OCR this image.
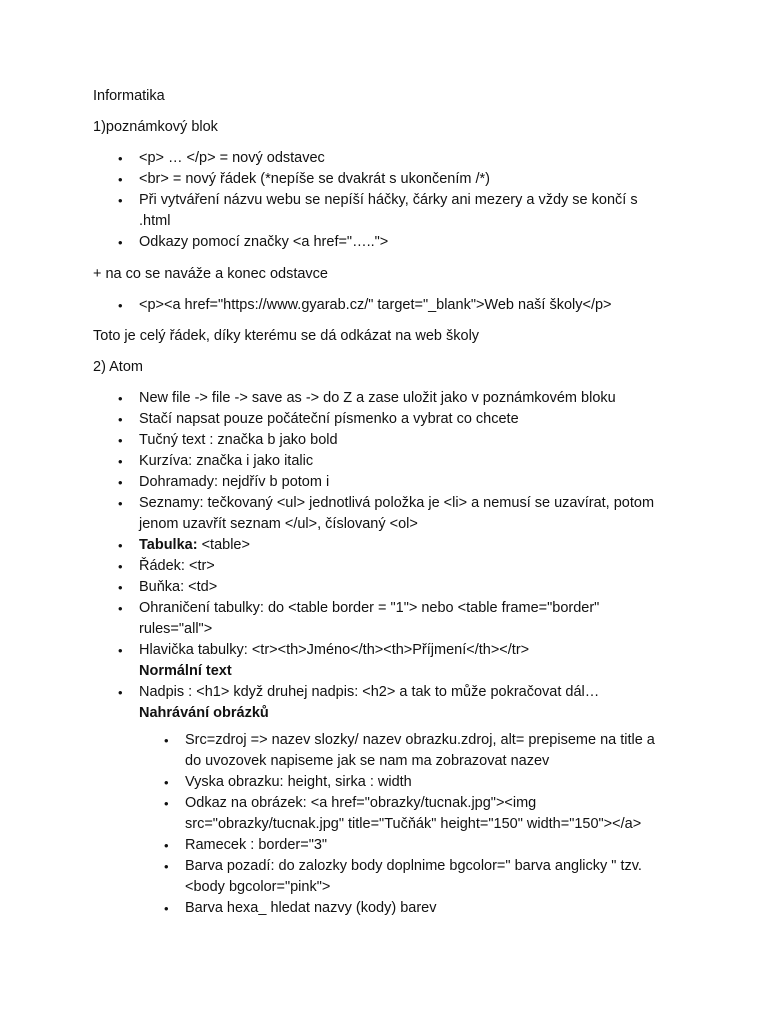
Informatika

1)poznámkový blok

•	<p> … </p> = nový odstavec
•	<br> = nový řádek (*nepíše se dvakrát s ukončením /*)
•	Při vytváření názvu webu se nepíší háčky, čárky ani mezery a vždy se končí s
.html
•	Odkazy pomocí značky <a href="…..">

+ na co se naváže a konec odstavce

•	<p><a href="https://www.gyarab.cz/" target="_blank">Web naší školy</p>

Toto je celý řádek, díky kterému se dá odkázat na web školy

2) Atom

•	New file -> file -> save as -> do Z a zase uložit jako v poznámkovém bloku
•	Stačí napsat pouze počáteční písmenko a vybrat co chcete
•	Tučný text : značka b jako bold
•	Kurzíva: značka i jako italic
•	Dohramady: nejdřív b potom i
•	Seznamy: tečkovaný <ul> jednotlivá položka je <li> a nemusí se uzavírat, potom
jenom uzavřít seznam </ul>, číslovaný <ol>
•	Tabulka: <table>
•	Řádek: <tr>
•	Buňka: <td>
•	Ohraničení tabulky: do <table border = "1"> nebo <table frame="border"
rules="all">
•	Hlavička tabulky: <tr><th>Jméno</th><th>Příjmení</th></tr>
Normální text
•	Nadpis : <h1> když druhej nadpis: <h2> a tak to může pokračovat dál…
Nahrávání obrázků
•	Src=zdroj => nazev slozky/ nazev obrazku.zdroj, alt= prepiseme na title a
do uvozovek napiseme jak se nam ma zobrazovat nazev
•	Vyska obrazku: height, sirka : width
•	Odkaz na obrázek: <a href="obrazky/tucnak.jpg"><img
src="obrazky/tucnak.jpg" title="Tučňák" height="150" width="150"></a>
•	Ramecek : border="3"
•	Barva pozadí: do zalozky body doplnime bgcolor=" barva anglicky " tzv.
<body bgcolor="pink">
•	Barva hexa_ hledat nazvy (kody) barev
